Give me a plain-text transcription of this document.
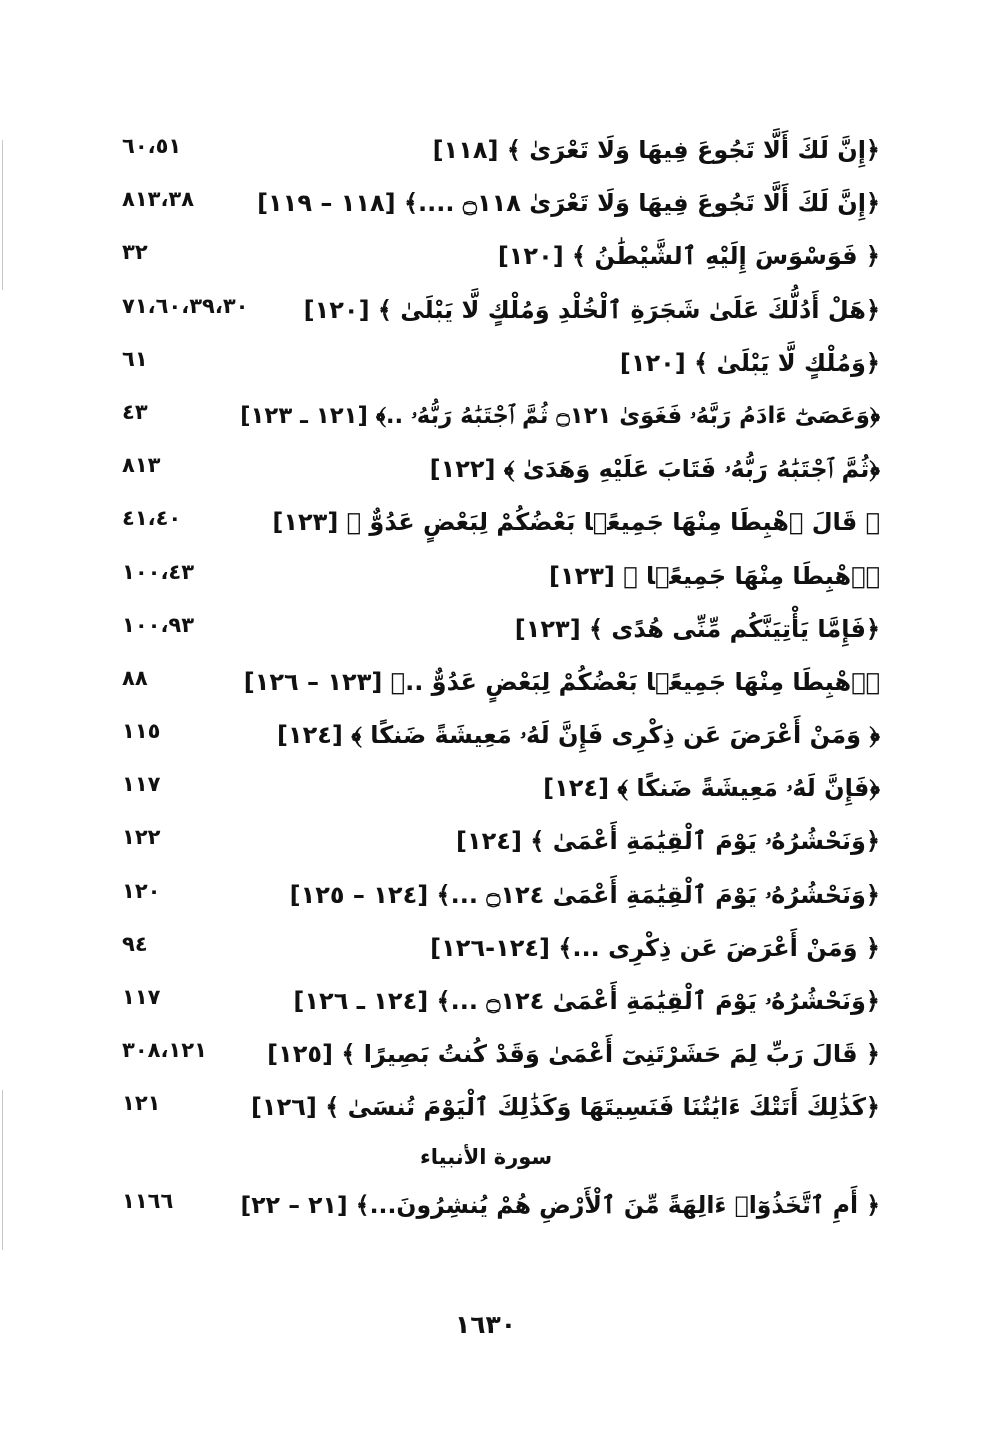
﴿إِنَّ لَكَ أَلَّا تَجُوعَ فِيهَا وَلَا تَعْرَىٰ ﴾ [١١٨]
٦٠،٥١
﴿إِنَّ لَكَ أَلَّا تَجُوعَ فِيهَا وَلَا تَعْرَىٰ ۝١١٨ ....﴾ [١١٨ – ١١٩]
٨١٣،٣٨
﴿ فَوَسْوَسَ إِلَيْهِ ٱلشَّيْطَٰنُ ﴾ [١٢٠]
٣٢
﴿هَلْ أَدُلُّكَ عَلَىٰ شَجَرَةِ ٱلْخُلْدِ وَمُلْكٍ لَّا يَبْلَىٰ ﴾ [١٢٠]
٧١،٦٠،٣٩،٣٠
﴿وَمُلْكٍ لَّا يَبْلَىٰ ﴾ [١٢٠]
٦١
﴿وَعَصَىٰٓ ءَادَمُ رَبَّهُۥ فَغَوَىٰ ۝١٢١ ثُمَّ ٱجْتَبَٰهُ رَبُّهُۥ ..﴾ [١٢١ ـ ١٢٣]
٤٣
﴿ثُمَّ ٱجْتَبَٰهُ رَبُّهُۥ فَتَابَ عَلَيْهِ وَهَدَىٰ ﴾ [١٢٢]
٨١٣
﴿ قَالَ ٱهْبِطَا مِنْهَا جَمِيعًۢا بَعْضُكُمْ لِبَعْضٍ عَدُوٌّ ﴾ [١٢٣]
٤١،٤٠
﴿ٱهْبِطَا مِنْهَا جَمِيعًۢا ﴾ [١٢٣]
١٠٠،٤٣
﴿فَإِمَّا يَأْتِيَنَّكُم مِّنِّى هُدًى ﴾ [١٢٣]
١٠٠،٩٣
﴿ٱهْبِطَا مِنْهَا جَمِيعًۢا بَعْضُكُمْ لِبَعْضٍ عَدُوٌّ ..﴾ [١٢٣ – ١٢٦]
٨٨
﴿ وَمَنْ أَعْرَضَ عَن ذِكْرِى فَإِنَّ لَهُۥ مَعِيشَةً ضَنكًا ﴾ [١٢٤]
١١٥
﴿فَإِنَّ لَهُۥ مَعِيشَةً ضَنكًا ﴾ [١٢٤]
١١٧
﴿وَنَحْشُرُهُۥ يَوْمَ ٱلْقِيَٰمَةِ أَعْمَىٰ ﴾ [١٢٤]
١٢٢
﴿وَنَحْشُرُهُۥ يَوْمَ ٱلْقِيَٰمَةِ أَعْمَىٰ ۝١٢٤ ...﴾ [١٢٤ – ١٢٥]
١٢٠
﴿ وَمَنْ أَعْرَضَ عَن ذِكْرِى ...﴾ [١٢٤-١٢٦]
٩٤
﴿وَنَحْشُرُهُۥ يَوْمَ ٱلْقِيَٰمَةِ أَعْمَىٰ ۝١٢٤ ...﴾ [١٢٤ ـ ١٢٦]
١١٧
﴿ قَالَ رَبِّ لِمَ حَشَرْتَنِىٓ أَعْمَىٰ وَقَدْ كُنتُ بَصِيرًا ﴾ [١٢٥]
٣٠٨،١٢١
﴿كَذَٰلِكَ أَتَتْكَ ءَايَٰتُنَا فَنَسِيتَهَا وَكَذَٰلِكَ ٱلْيَوْمَ تُنسَىٰ ﴾ [١٢٦]
١٢١
سورة الأنبياء
﴿ أَمِ ٱتَّخَذُوٓا۟ ءَالِهَةً مِّنَ ٱلْأَرْضِ هُمْ يُنشِرُونَ...﴾ [٢١ – ٢٢]
١١٦٦
١٦٣٠
